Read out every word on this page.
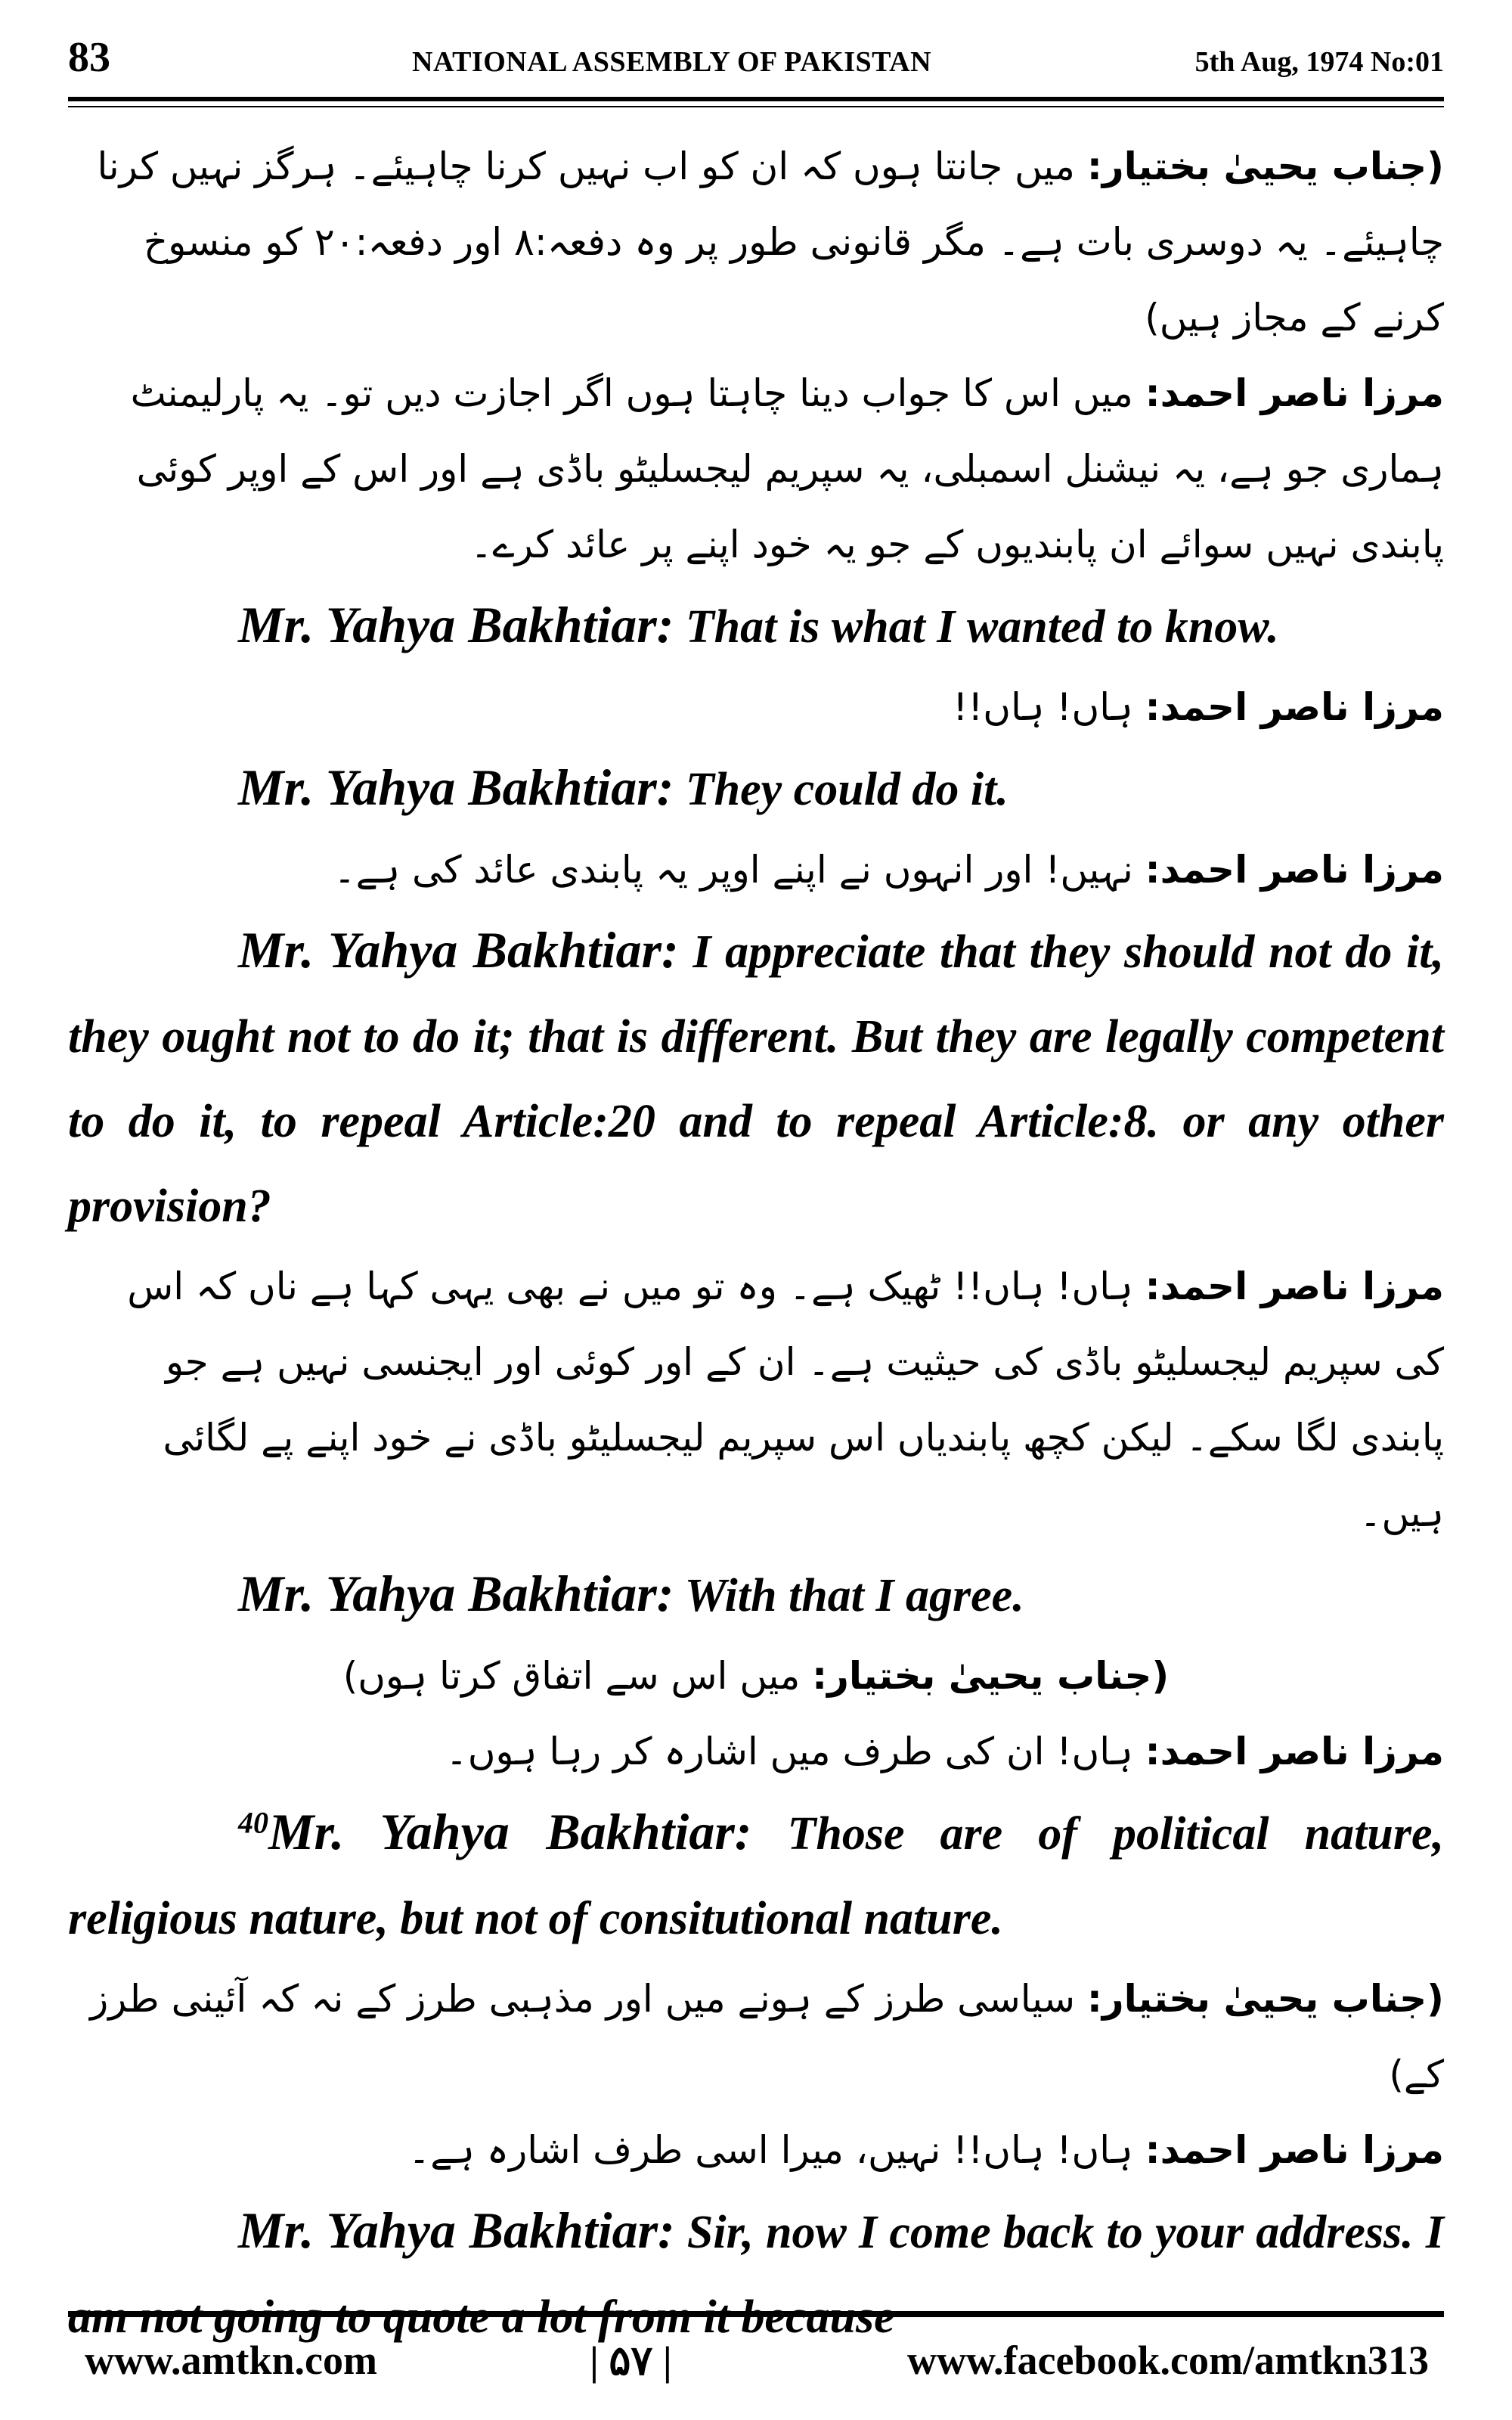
83	NATIONAL ASSEMBLY OF PAKISTAN	5th Aug, 1974 No:01

(جناب یحییٰ بختیار: میں جانتا ہوں کہ ان کو اب نہیں کرنا چاہیئے۔ ہرگز نہیں کرنا چاہیئے۔ یہ دوسری بات ہے۔ مگر قانونی طور پر وہ دفعہ:۸ اور دفعہ:۲۰ کو منسوخ کرنے کے مجاز ہیں)

مرزا ناصر احمد: میں اس کا جواب دینا چاہتا ہوں اگر اجازت دیں تو۔ یہ پارلیمنٹ ہماری جو ہے، یہ نیشنل اسمبلی، یہ سپریم لیجسلیٹو باڈی ہے اور اس کے اوپر کوئی پابندی نہیں سوائے ان پابندیوں کے جو یہ خود اپنے پر عائد کرے۔

Mr. Yahya Bakhtiar: That is what I wanted to know.

مرزا ناصر احمد: ہاں! ہاں!!

Mr. Yahya Bakhtiar: They could do it.

مرزا ناصر احمد: نہیں! اور انہوں نے اپنے اوپر یہ پابندی عائد کی ہے۔

Mr. Yahya Bakhtiar: I appreciate that they should not do it, they ought not to do it; that is different. But they are legally competent to do it, to repeal Article:20 and to repeal Article:8. or any other provision?

مرزا ناصر احمد: ہاں! ہاں!! ٹھیک ہے۔ وہ تو میں نے بھی یہی کہا ہے ناں کہ اس کی سپریم لیجسلیٹو باڈی کی حیثیت ہے۔ ان کے اور کوئی اور ایجنسی نہیں ہے جو پابندی لگا سکے۔ لیکن کچھ پابندیاں اس سپریم لیجسلیٹو باڈی نے خود اپنے پے لگائی ہیں۔

Mr. Yahya Bakhtiar: With that I agree.

(جناب یحییٰ بختیار: میں اس سے اتفاق کرتا ہوں)

مرزا ناصر احمد: ہاں! ان کی طرف میں اشارہ کر رہا ہوں۔

$^{40}$Mr. Yahya Bakhtiar: Those are of political nature, religious nature, but not of consitutional nature.

(جناب یحییٰ بختیار: سیاسی طرز کے ہونے میں اور مذہبی طرز کے نہ کہ آئینی طرز کے)

مرزا ناصر احمد: ہاں! ہاں!! نہیں، میرا اسی طرف اشارہ ہے۔

Mr. Yahya Bakhtiar: Sir, now I come back to your address. I am not going to quote a lot from it because

www.amtkn.com	| ۵۷ |	www.facebook.com/amtkn313
